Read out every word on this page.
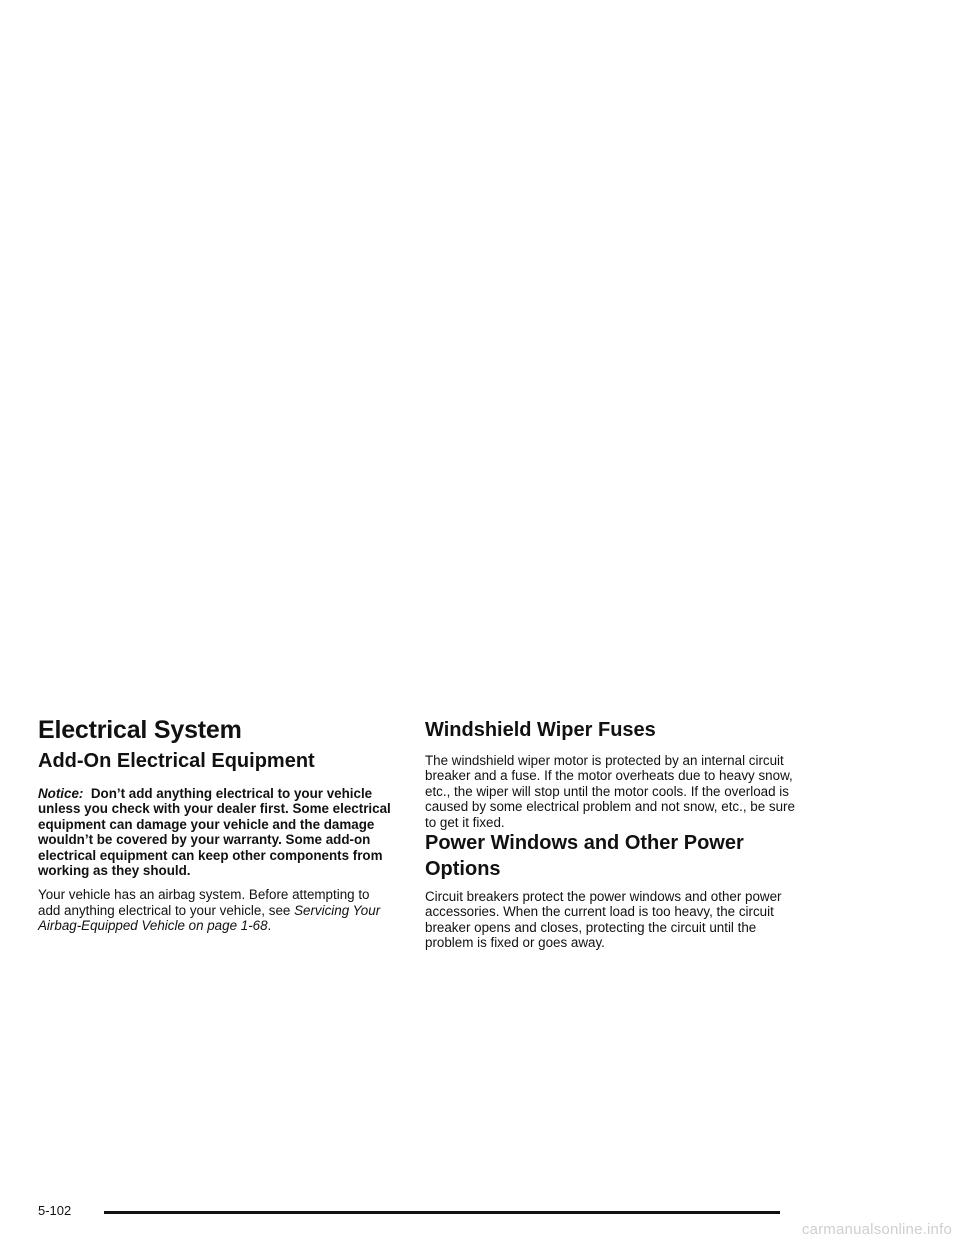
Electrical System
Add-On Electrical Equipment

Notice: Don’t add anything electrical to your vehicle unless you check with your dealer first. Some electrical equipment can damage your vehicle and the damage wouldn’t be covered by your warranty. Some add-on electrical equipment can keep other components from working as they should.

Your vehicle has an airbag system. Before attempting to add anything electrical to your vehicle, see Servicing Your Airbag-Equipped Vehicle on page 1-68.

Windshield Wiper Fuses

The windshield wiper motor is protected by an internal circuit breaker and a fuse. If the motor overheats due to heavy snow, etc., the wiper will stop until the motor cools. If the overload is caused by some electrical problem and not snow, etc., be sure to get it fixed.

Power Windows and Other Power Options

Circuit breakers protect the power windows and other power accessories. When the current load is too heavy, the circuit breaker opens and closes, protecting the circuit until the problem is fixed or goes away.

5-102
carmanualsonline.info
